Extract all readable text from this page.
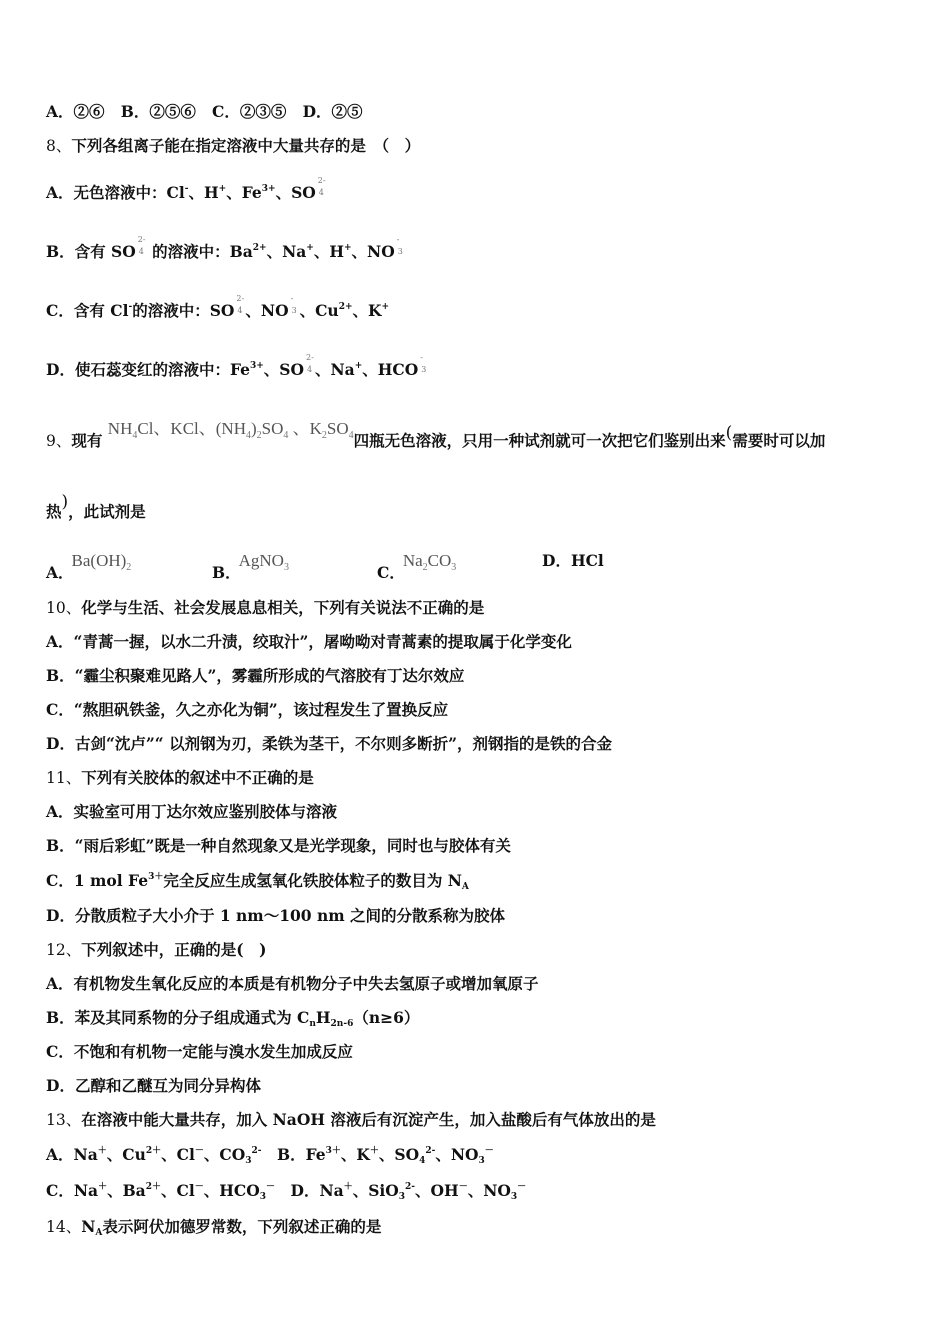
A．②⑥ B．②⑤⑥ C．②③⑤ D．②⑤
8、下列各组离子能在指定溶液中大量共存的是　（　）
A．无色溶液中：Cl-、H+、$Fe^{3+}$、SO
2-
4
B．含有 SO
2-
4 的溶液中：$Ba^{2+}$、Na+、H+、NO
-
3
C．含有 Cl-的溶液中：SO
2-
4 、NO
-
3 、$Cu^{2+}$、K+
D．使石蕊变红的溶液中：$Fe^{3+}$、SO
2-
4 、Na+、HCO
-
3
9、现有 $NH_4Cl$、KCl、$(NH_4)_2SO_4$ 、$K_2SO_4$四瓶无色溶液，只用一种试剂就可一次把它们鉴别出来(需要时可以加
热)，此试剂是
A．$Ba(OH)_2$	B．AgNO$_3$	C．$Na_2CO_3$	D．HCl
10、化学与生活、社会发展息息相关，下列有关说法不正确的是
A．“青蒿一握，以水二升渍，绞取汁”，屠呦呦对青蒿素的提取属于化学变化
B．“霾尘积聚难见路人”，雾霾所形成的气溶胶有丁达尔效应
C．“熬胆矾铁釜，久之亦化为铜”，该过程发生了置换反应
D．古剑“沈卢”“ 以剂钢为刃，柔铁为茎干，不尔则多断折”，剂钢指的是铁的合金
11、下列有关胶体的叙述中不正确的是
A．实验室可用丁达尔效应鉴别胶体与溶液
B．“雨后彩虹”既是一种自然现象又是光学现象，同时也与胶体有关
C．1 mol $Fe^{3+}$完全反应生成氢氧化铁胶体粒子的数目为 $N_A$
D．分散质粒子大小介于 1 nm～100 nm 之间的分散系称为胶体
12、下列叙述中，正确的是(　)
A．有机物发生氧化反应的本质是有机物分子中失去氢原子或增加氧原子
B．苯及其同系物的分子组成通式为 $C_nH_{2n-6}(n\ge 6)$
C．不饱和有机物一定能与溴水发生加成反应
D．乙醇和乙醚互为同分异构体
13、在溶液中能大量共存，加入 NaOH 溶液后有沉淀产生，加入盐酸后有气体放出的是
A．Na＋、$Cu^{2+}$、Cl－、$CO_3^{2-}$　B．$Fe^{3+}$、K＋、$SO_4^{2-}$、$NO_3^-$
C．Na＋、$Ba^{2+}$、Cl－、$HCO_3^-$　D．Na＋、SiO$_3^{2-}$、OH－、$NO_3^-$
14、$N_A$表示阿伏加德罗常数，下列叙述正确的是
